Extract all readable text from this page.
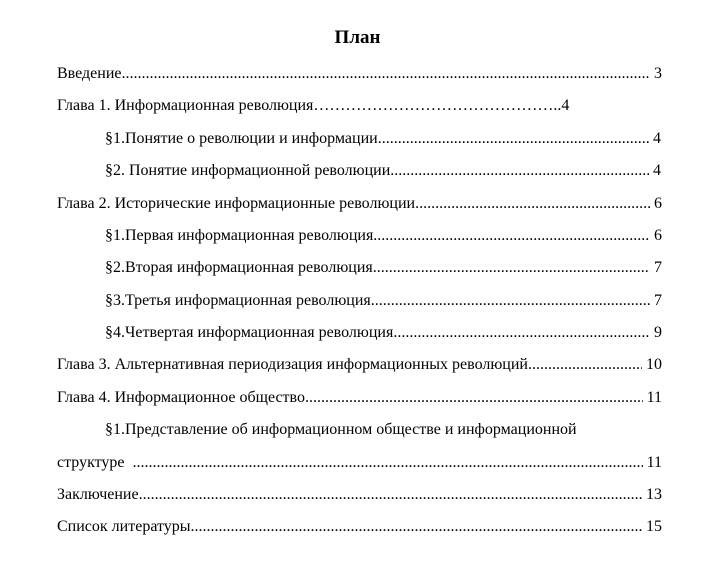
План
Введение. .....	3
Глава 1. Информационная революция……………………………………….. 4
§1.Понятие о революции и информации .....	4
§2. Понятие информационной революции .....	4
Глава 2. Исторические информационные революции. .....	6
§1.Первая информационная революция .....	6
§2.Вторая информационная революция .....	7
§3.Третья информационная революция .....	7
§4.Четвертая информационная революция .....	9
Глава 3. Альтернативная периодизация информационных революций .....	10
Глава 4. Информационное общество .....	11
§1.Представление об информационном обществе и информационной
структуре .....	11
Заключение .....	13
Список литературы .....	15
